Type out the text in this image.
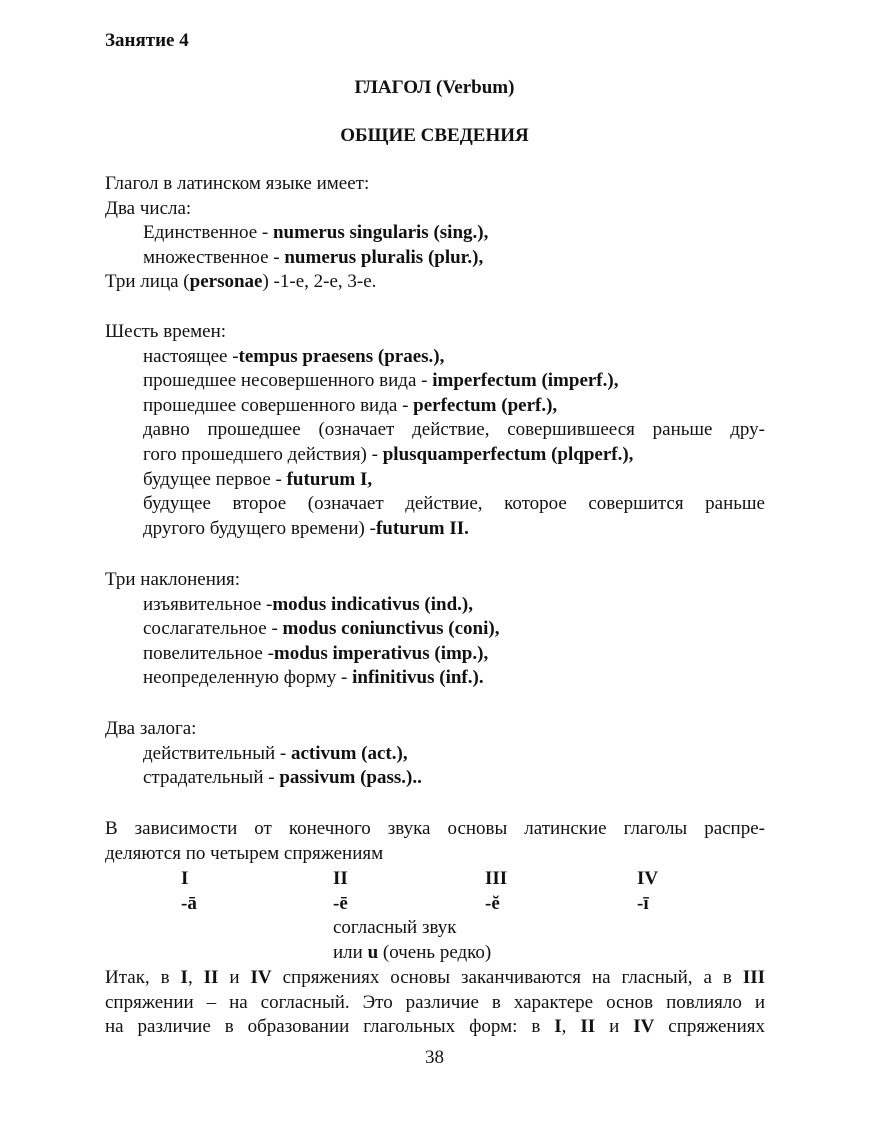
Занятие 4
ГЛАГОЛ (Verbum)
ОБЩИЕ СВЕДЕНИЯ
Глагол в латинском языке имеет:
Два числа:
Единственное - numerus singularis (sing.),
множественное - numerus pluralis (plur.),
Три лица (personae) -1-е, 2-е, 3-е.
Шесть времен:
настоящее -tempus praesens (praes.),
прошедшее несовершенного вида - imperfectum (imperf.),
прошедшее совершенного вида - perfectum (perf.),
давно прошедшее (означает действие, совершившееся раньше дру-
гого прошедшего действия) - plusquamperfectum (plqperf.),
будущее первое - futurum I,
будущее второе (означает действие, которое совершится раньше
другого будущего времени) -futurum II.
Три наклонения:
изъявительное -modus indicativus (ind.),
сослагательное - modus coniunctivus (coni),
повелительное -modus imperativus (imp.),
неопределенную форму - infinitivus (inf.).
Два залога:
действительный - activum (act.),
страдательный - passivum (pass.)..
В зависимости от конечного звука основы латинские глаголы распре-
деляются по четырем спряжениям
I
-ā
II
-ē
согласный звук
или u (очень редко)
III
-ĕ
IV
-ī
Итак, в I, II и IV спряжениях основы заканчиваются на гласный, а в III
спряжении – на согласный. Это различие в характере основ повлияло и
на различие в образовании глагольных форм: в I, II и IV спряжениях
38
